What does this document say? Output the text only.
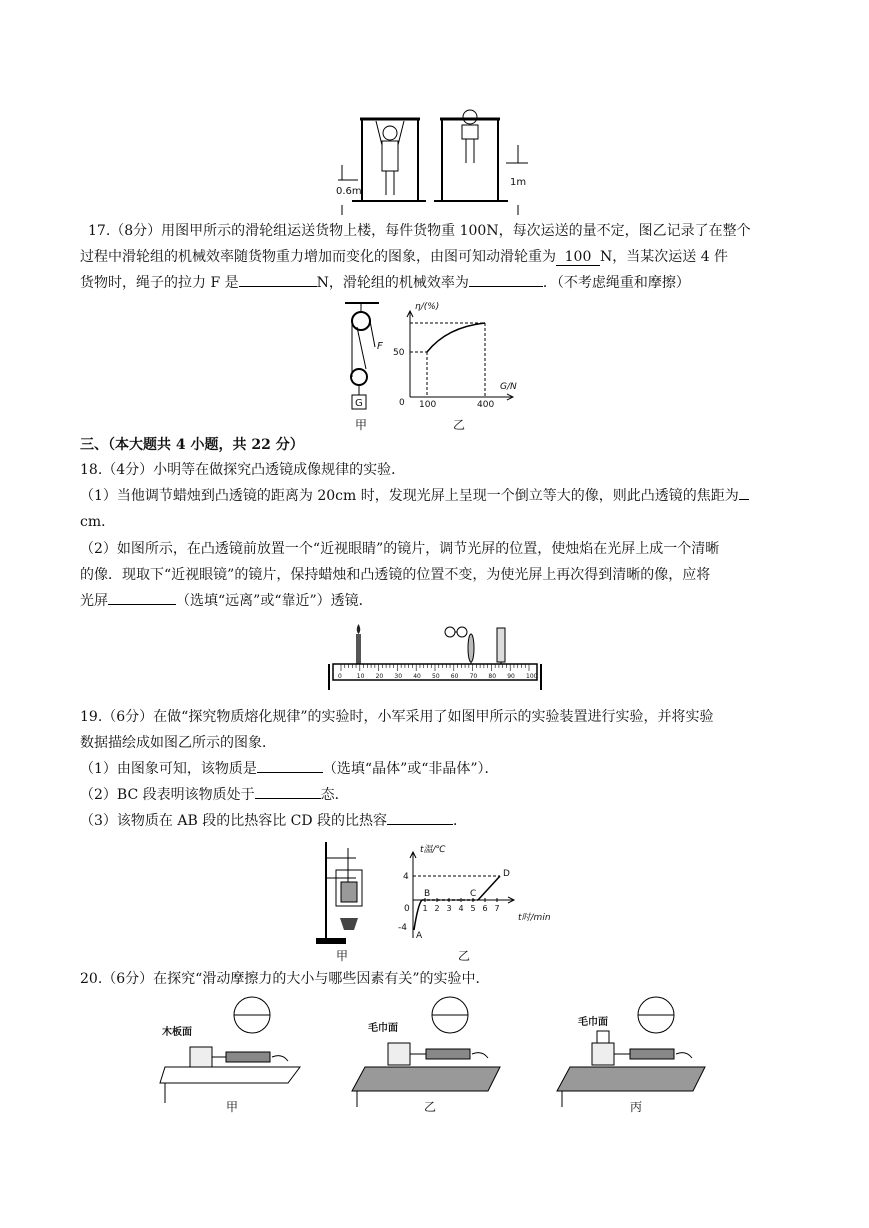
0.6m
1m
17.（8分）用图甲所示的滑轮组运送货物上楼，每件货物重 100N，每次运送的量不定，图乙记录了在整个
过程中滑轮组的机械效率随货物重力增加而变化的图象，由图可知动滑轮重为 100 N，当某次运送 4 件
货物时，绳子的拉力 F 是	N，滑轮组的机械效率为	．（不考虑绳重和摩擦）
G
F
甲
η/(%)
G/N
50
0 100	400
乙
三、（本大题共 4 小题，共 22 分）
18.（4分）小明等在做探究凸透镜成像规律的实验．
（1）当他调节蜡烛到凸透镜的距离为 20cm 时，发现光屏上呈现一个倒立等大的像，则此凸透镜的焦距为
cm．
（2）如图所示，在凸透镜前放置一个“近视眼睛”的镜片，调节光屏的位置，使烛焰在光屏上成一个清晰
的像．现取下“近视眼镜”的镜片，保持蜡烛和凸透镜的位置不变，为使光屏上再次得到清晰的像，应将
光屏	（选填“远离”或“靠近”）透镜．
0 10 20 30 40 50 60 70 80 90 100
19.（6分）在做“探究物质熔化规律”的实验时，小军采用了如图甲所示的实验装置进行实验，并将实验
数据描绘成如图乙所示的图象．
（1）由图象可知，该物质是	（选填“晶体”或“非晶体”）．
（2）BC 段表明该物质处于	态．
（3）该物质在 AB 段的比热容比 CD 段的比热容	．
甲
t温/℃
t时/min
4
-4
0 1 2 3 4 5 6 7
A
B	C
D
乙
20.（6分）在探究“滑动摩擦力的大小与哪些因素有关”的实验中．
木板面
甲
毛巾面
乙
毛巾面
丙
